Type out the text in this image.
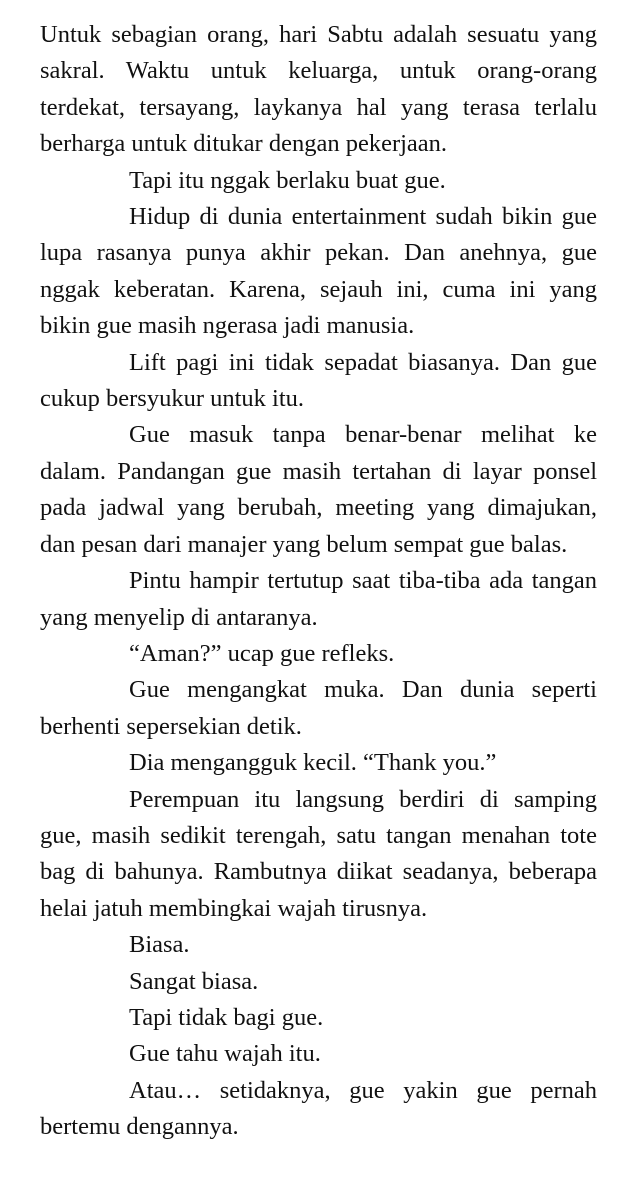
Untuk sebagian orang, hari Sabtu adalah sesuatu yang sakral. Waktu untuk keluarga, untuk orang-orang terdekat, tersayang, laykanya hal yang terasa terlalu berharga untuk ditukar dengan pekerjaan.

Tapi itu nggak berlaku buat gue.

Hidup di dunia entertainment sudah bikin gue lupa rasanya punya akhir pekan. Dan anehnya, gue nggak keberatan. Karena, sejauh ini, cuma ini yang bikin gue masih ngerasa jadi manusia.

Lift pagi ini tidak sepadat biasanya. Dan gue cukup bersyukur untuk itu.

Gue masuk tanpa benar-benar melihat ke dalam. Pandangan gue masih tertahan di layar ponsel pada jadwal yang berubah, meeting yang dimajukan, dan pesan dari manajer yang belum sempat gue balas.

Pintu hampir tertutup saat tiba-tiba ada tangan yang menyelip di antaranya.

“Aman?” ucap gue refleks.

Gue mengangkat muka. Dan dunia seperti berhenti sepersekian detik.

Dia mengangguk kecil. “Thank you.”

Perempuan itu langsung berdiri di samping gue, masih sedikit terengah, satu tangan menahan tote bag di bahunya. Rambutnya diikat seadanya, beberapa helai jatuh membingkai wajah tirusnya.

Biasa.

Sangat biasa.

Tapi tidak bagi gue.

Gue tahu wajah itu.

Atau… setidaknya, gue yakin gue pernah bertemu dengannya.
